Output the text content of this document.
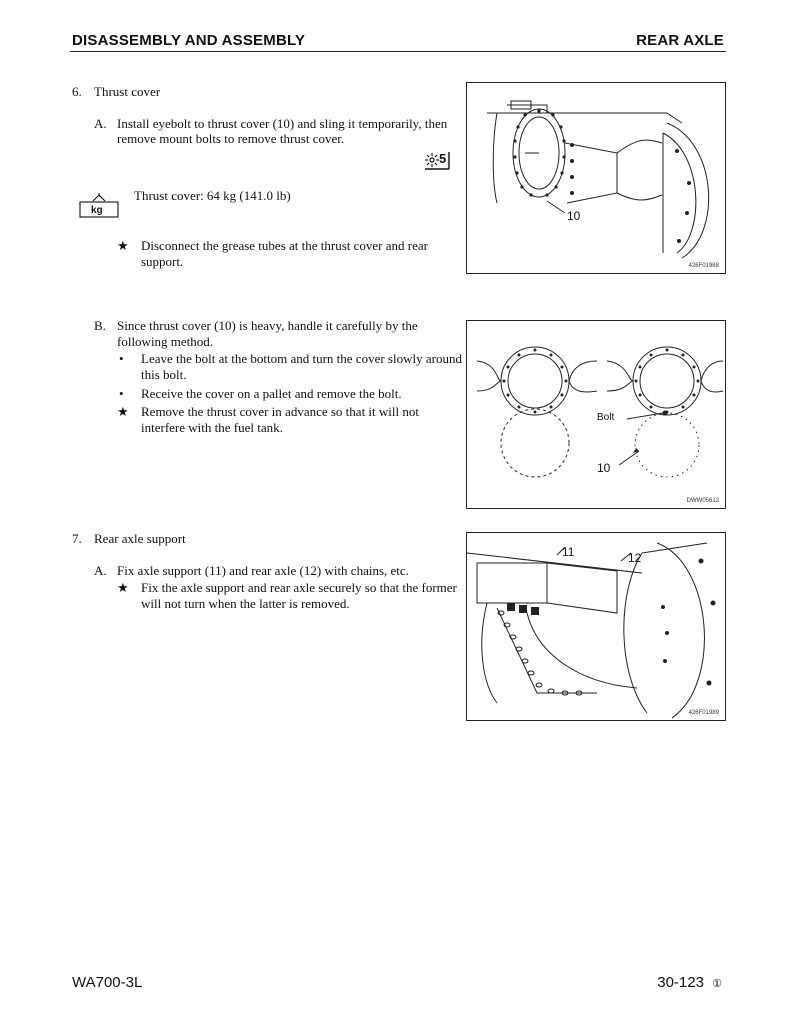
DISASSEMBLY AND ASSEMBLY	REAR AXLE
6. Thrust cover
A. Install eyebolt to thrust cover (10) and sling it temporarily, then
remove mount bolts to remove thrust cover.
5
kg
Thrust cover: 64 kg (141.0 lb)
★ Disconnect the grease tubes at the thrust cover and rear
support.
B. Since thrust cover (10) is heavy, handle it carefully by the
following method.
• Leave the bolt at the bottom and turn the cover slowly around
this bolt.
• Receive the cover on a pallet and remove the bolt.
★ Remove the thrust cover in advance so that it will not
interfere with the fuel tank.
7. Rear axle support
A. Fix axle support (11) and rear axle (12) with chains, etc.
★ Fix the axle support and rear axle securely so that the former
will not turn when the latter is removed.
10
426F01988
Bolt
10
DWW05612
11	12
426F01989
WA700-3L	30-123 ①
